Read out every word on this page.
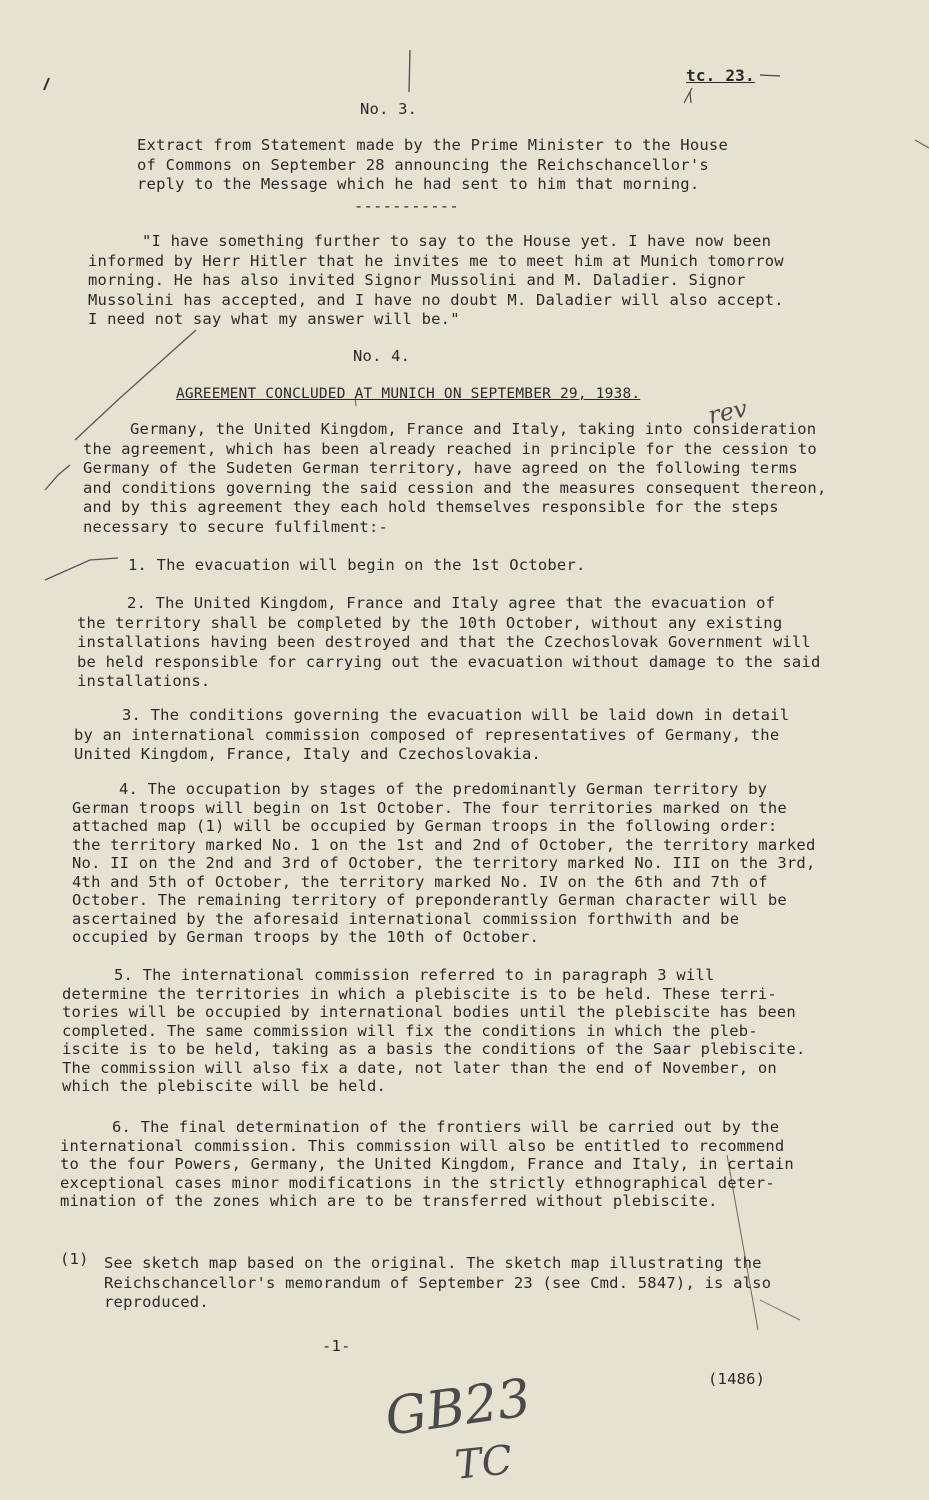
tc. 23.
No. 3.
Extract from Statement made by the Prime Minister to the House
of Commons on September 28 announcing the Reichschancellor's
reply to the Message which he had sent to him that morning.
-----------
"I have something further to say to the House yet. I have now been
informed by Herr Hitler that he invites me to meet him at Munich tomorrow
morning. He has also invited Signor Mussolini and M. Daladier. Signor
Mussolini has accepted, and I have no doubt M. Daladier will also accept.
I need not say what my answer will be."
No. 4.
AGREEMENT CONCLUDED AT MUNICH ON SEPTEMBER 29, 1938.
rev
Germany, the United Kingdom, France and Italy, taking into consideration
the agreement, which has been already reached in principle for the cession to
Germany of the Sudeten German territory, have agreed on the following terms
and conditions governing the said cession and the measures consequent thereon,
and by this agreement they each hold themselves responsible for the steps
necessary to secure fulfilment:-
1. The evacuation will begin on the 1st October.
2. The United Kingdom, France and Italy agree that the evacuation of
the territory shall be completed by the 10th October, without any existing
installations having been destroyed and that the Czechoslovak Government will
be held responsible for carrying out the evacuation without damage to the said
installations.
3. The conditions governing the evacuation will be laid down in detail
by an international commission composed of representatives of Germany, the
United Kingdom, France, Italy and Czechoslovakia.
4. The occupation by stages of the predominantly German territory by
German troops will begin on 1st October. The four territories marked on the
attached map (1) will be occupied by German troops in the following order:
the territory marked No. 1 on the 1st and 2nd of October, the territory marked
No. II on the 2nd and 3rd of October, the territory marked No. III on the 3rd,
4th and 5th of October, the territory marked No. IV on the 6th and 7th of
October. The remaining territory of preponderantly German character will be
ascertained by the aforesaid international commission forthwith and be
occupied by German troops by the 10th of October.
5. The international commission referred to in paragraph 3 will
determine the territories in which a plebiscite is to be held. These terri-
tories will be occupied by international bodies until the plebiscite has been
completed. The same commission will fix the conditions in which the pleb-
iscite is to be held, taking as a basis the conditions of the Saar plebiscite.
The commission will also fix a date, not later than the end of November, on
which the plebiscite will be held.
6. The final determination of the frontiers will be carried out by the
international commission. This commission will also be entitled to recommend
to the four Powers, Germany, the United Kingdom, France and Italy, in certain
exceptional cases minor modifications in the strictly ethnographical deter-
mination of the zones which are to be transferred without plebiscite.
(1) See sketch map based on the original. The sketch map illustrating the
Reichschancellor's memorandum of September 23 (see Cmd. 5847), is also
reproduced.
-1-
(1486)
GB23
TC
